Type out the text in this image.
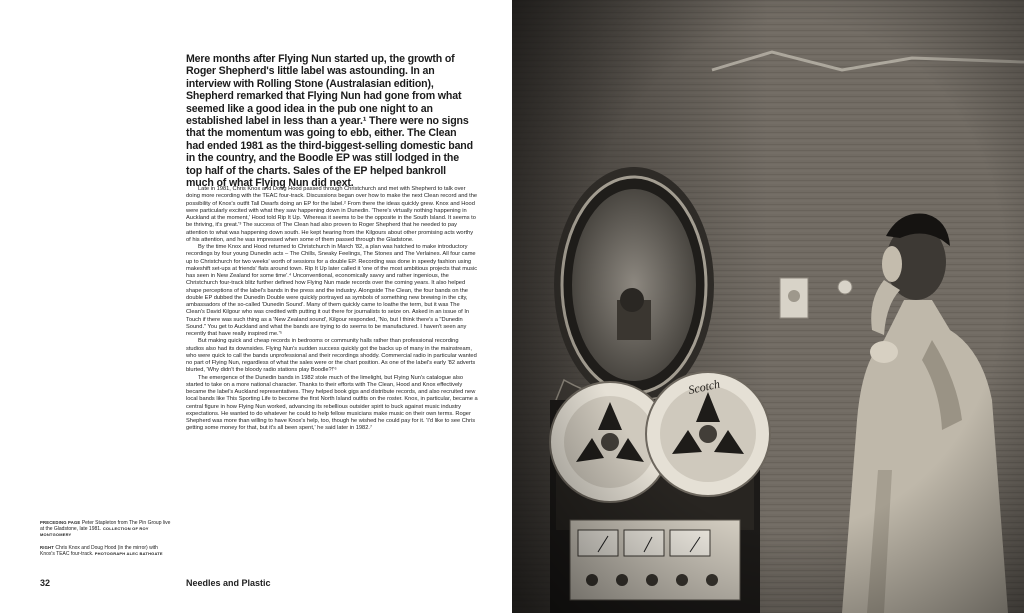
Mere months after Flying Nun started up, the growth of Roger Shepherd's little label was astounding. In an interview with Rolling Stone (Australasian edition), Shepherd remarked that Flying Nun had gone from what seemed like a good idea in the pub one night to an established label in less than a year.¹ There were no signs that the momentum was going to ebb, either. The Clean had ended 1981 as the third-biggest-selling domestic band in the country, and the Boodle EP was still lodged in the top half of the charts. Sales of the EP helped bankroll much of what Flying Nun did next.

Late in 1981, Chris Knox and Doug Hood passed through Christchurch and met with Shepherd to talk over doing more recording with the TEAC four-track. Discussions began over how to make the next Clean record and the possibility of Knox's outfit Tall Dwarfs doing an EP for the label.² From there the ideas quickly grew. Knox and Hood were particularly excited with what they saw happening down in Dunedin. 'There's virtually nothing happening in Auckland at the moment,' Hood told Rip It Up. 'Whereas it seems to be the opposite in the South Island. It seems to be thriving, it's great.'³ The success of The Clean had also proven to Roger Shepherd that he needed to pay attention to what was happening down south. He kept hearing from the Kilgours about other promising acts worthy of his attention, and he was impressed when some of them passed through the Gladstone.

By the time Knox and Hood returned to Christchurch in March '82, a plan was hatched to make introductory recordings by four young Dunedin acts – The Chills, Sneaky Feelings, The Stones and The Verlaines. All four came up to Christchurch for two weeks' worth of sessions for a double EP. Recording was done in speedy fashion using makeshift set-ups at friends' flats around town. Rip It Up later called it 'one of the most ambitious projects that music has seen in New Zealand for some time'.⁴ Unconventional, economically savvy and rather ingenious, the Christchurch four-track blitz further defined how Flying Nun made records over the coming years. It also helped shape perceptions of the label's bands in the press and the industry. Alongside The Clean, the four bands on the double EP dubbed the Dunedin Double were quickly portrayed as symbols of something new brewing in the city, ambassadors of the so-called 'Dunedin Sound'. Many of them quickly came to loathe the term, but it was The Clean's David Kilgour who was credited with putting it out there for journalists to seize on. Asked in an issue of In Touch if there was such thing as a 'New Zealand sound', Kilgour responded, 'No, but I think there's a "Dunedin Sound." You get to Auckland and what the bands are trying to do seems to be manufactured. I haven't seen any recently that have really inspired me.'⁵

But making quick and cheap records in bedrooms or community halls rather than professional recording studios also had its downsides. Flying Nun's sudden success quickly got the backs up of many in the mainstream, who were quick to call the bands unprofessional and their recordings shoddy. Commercial radio in particular wanted no part of Flying Nun, regardless of what the sales were or the chart position. As one of the label's early '82 adverts blurted, 'Why didn't the bloody radio stations play Boodle?!'⁶

The emergence of the Dunedin bands in 1982 stole much of the limelight, but Flying Nun's catalogue also started to take on a more national character. Thanks to their efforts with The Clean, Hood and Knox effectively became the label's Auckland representatives. They helped book gigs and distribute records, and also recruited new local bands like This Sporting Life to become the first North Island outfits on the roster. Knox, in particular, became a central figure in how Flying Nun worked, advancing its rebellious outsider spirit to buck against music industry expectations. He wanted to do whatever he could to help fellow musicians make music on their own terms. Roger Shepherd was more than willing to have Knox's help, too, though he wished he could pay for it. 'I'd like to see Chris getting some money for that, but it's all been spent,' he said later in 1982.⁷

PRECEDING PAGE Peter Stapleton from The Pin Group live at the Gladstone, late 1981. COLLECTION OF ROY MONTGOMERY

RIGHT Chris Knox and Doug Hood (in the mirror) with Knox's TEAC four-track. PHOTOGRAPH ALEC BATHGATE

32	Needles and Plastic
